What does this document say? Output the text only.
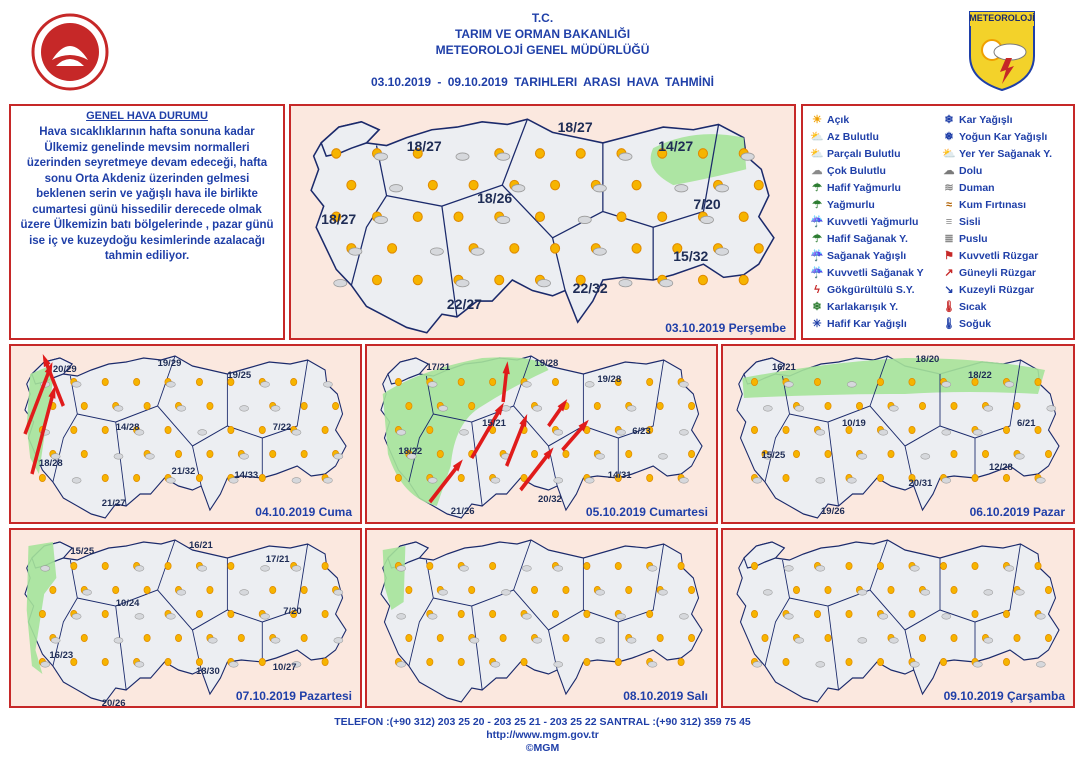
T.C.
TARIM VE ORMAN BAKANLIĞI
METEOROLOJİ GENEL MÜDÜRLÜĞÜ
03.10.2019 - 09.10.2019 TARIHLERI ARASI HAVA TAHMİNİ
METEOROLOJİ
GENEL HAVA DURUMU
Hava sıcaklıklarının hafta sonuna kadar Ülkemiz genelinde mevsim normalleri üzerinden seyretmeye devam edeceği, hafta sonu Orta Akdeniz üzerinden gelmesi beklenen serin ve yağışlı hava ile birlikte cumartesi günü hissedilir derecede olmak üzere Ülkemizin batı bölgelerinde , pazar günü ise iç ve kuzeydoğu kesimlerinde azalacağı tahmin ediliyor.
18/27
18/27
14/27
18/26	7/20
18/27
15/32
22/32
22/27
03.10.2019 Perşembe
20/29
19/29
19/25
14/28	7/22
18/28
21/32	14/33
21/27
04.10.2019 Cuma
17/21	19/28
19/28
15/21
6/23
18/22
14/31
20/32
21/26	05.10.2019 Cumartesi
16/21
18/20
18/22
10/19	6/21
15/25
12/28
20/31
19/26	06.10.2019 Pazar
15/25
16/21
17/21
10/24
7/20
16/23
18/30	10/27
20/26
07.10.2019 Pazartesi	08.10.2019 Salı	09.10.2019 Çarşamba
☀ Açık
⛅ Az Bulutlu
⛅ Parçalı Bulutlu
☁ Çok Bulutlu
☂ Hafif Yağmurlu
☂ Yağmurlu
☔ Kuvvetli Yağmurlu
☂ Hafif Sağanak Y.
☔ Sağanak Yağışlı
☔ Kuvvetli Sağanak Y
ϟ Gökgürültülü S.Y.
❄ Karlakarışık Y.
✳ Hafif Kar Yağışlı
❄ Kar Yağışlı
❅ Yoğun Kar Yağışlı
⛅ Yer Yer Sağanak Y.
☁ Dolu
≋ Duman
≈ Kum Fırtınası
≡ Sisli
≣ Puslu
⚑ Kuvvetli Rüzgar
↗ Güneyli Rüzgar
↘ Kuzeyli Rüzgar
🌡 Sıcak
🌡 Soğuk
TELEFON :(+90 312) 203 25 20 - 203 25 21 - 203 25 22 SANTRAL :(+90 312) 359 75 45
http://www.mgm.gov.tr
©MGM
